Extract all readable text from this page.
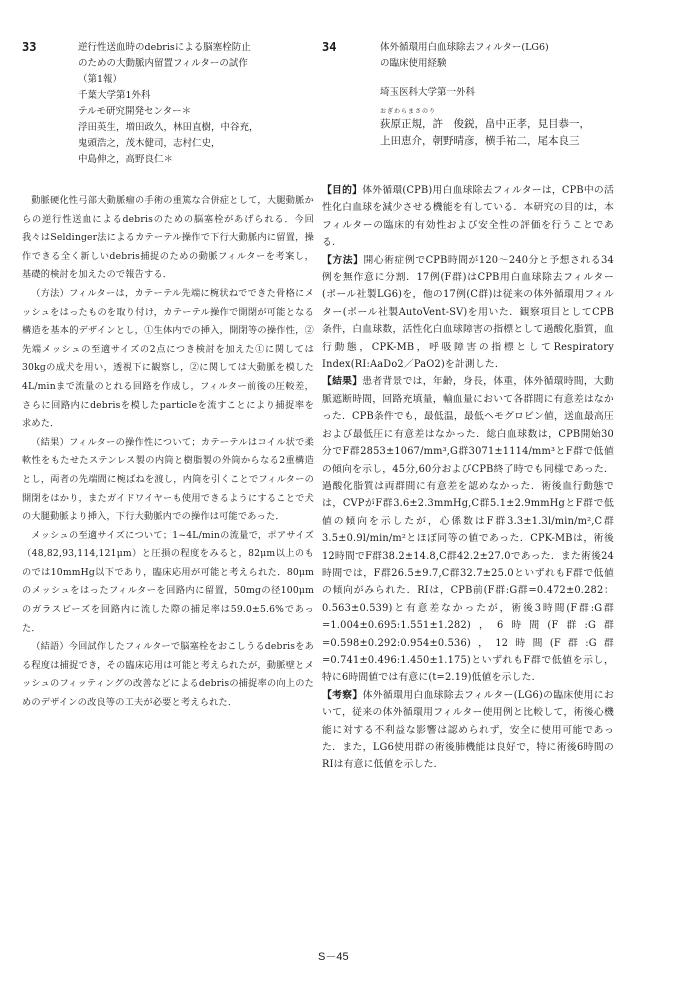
33	逆行性送血時のdebrisによる脳塞栓防止
のための大動脈内留置フィルターの試作
（第1報）
千葉大学第1外科
テルモ研究開発センター＊
浮田英生，増田政久，林田直樹，中谷充，
鬼頭浩之，茂木健司，志村仁史，
中島伸之，高野良仁＊

動脈硬化性弓部大動脈瘤の手術の重篤な合併症として，大腿動脈からの逆行性送血によるdebrisのための脳塞栓があげられる．今回我々はSeldinger法によるカテーテル操作で下行大動脈内に留置，操作できる全く新しいdebris捕捉のための動脈フィルターを考案し，基礎的検討を加えたので報告する．

（方法）フィルターは，カテーテル先端に椀状ねでできた骨格にメッシュをはったものを取り付け，カテーテル操作で開閉が可能となる構造を基本的デザインとし，①生体内での挿入，開閉等の操作性，②先端メッシュの至適サイズの2点につき検討を加えた①に関しては30kgの成犬を用い，透視下に観察し，②に関しては大動脈を模した4L/minまで流量のとれる回路を作成し，フィルター前後の圧較差，さらに回路内にdebrisを模したparticleを流すことにより捕捉率を求めた．

（結果）フィルターの操作性について；カテーテルはコイル状で柔軟性をもたせたステンレス製の内筒と樹脂製の外筒からなる2重構造とし，両者の先端間に椀ばねを渡し，内筒を引くことでフィルターの開閉をはかり，またガイドワイヤーも使用できるようにすることで犬の大腿動脈より挿入，下行大動脈内での操作は可能であった．

メッシュの至適サイズについて；1~4L/minの流量で，ポアサイズ（48,82,93,114,121μm）と圧損の程度をみると，82μm以上のものでは10mmHg以下であり，臨床応用が可能と考えられた．80μmのメッシュをはったフィルターを回路内に留置，50mgの径100μmのガラスビーズを回路内に流した際の捕足率は59.0±5.6%であった．

（結語）今回試作したフィルターで脳塞栓をおこしうるdebrisをある程度は捕捉でき，その臨床応用は可能と考えられたが，動脈壁とメッシュのフィッティングの改善などによるdebrisの捕捉率の向上のためのデザインの改良等の工夫が必要と考えられた．

34	体外循環用白血球除去フィルター(LG6)
の臨床使用経験
埼玉医科大学第一外科
おぎわらまさのり
荻原正規，許　俊鋭，畠中正孝，見目恭一，
上田恵介，朝野晴彦，横手祐二，尾本良三

【目的】体外循環(CPB)用白血球除去フィルターは，CPB中の活性化白血球を減少させる機能を有している．本研究の目的は，本フィルターの臨床的有効性および安全性の評価を行うことである．

【方法】開心術症例でCPB時間が120～240分と予想される34例を無作意に分割．17例(F群)はCPB用白血球除去フィルター(ポール社製LG6)を，他の17例(C群)は従来の体外循環用フィルター(ポール社製AutoVent-SV)を用いた．観察項目としてCPB条件，白血球数，活性化白血球障害の指標として過酸化脂質，血行動態，CPK-MB，呼吸障害の指標としてRespiratory Index(RI:AaDo2／PaO2)を計測した．

【結果】患者背景では，年齢，身長，体重，体外循環時間，大動脈遮断時間，回路充填量，輸血量において各群間に有意差はなかった．CPB条件でも，最低温，最低ヘモグロビン値，送血最高圧および最低圧に有意差はなかった．総白血球数は，CPB開始30分でF群2853±1067/mm³,G群3071±1114/mm³とF群で低値の傾向を示し，45分,60分およびCPB終了時でも同様であった．過酸化脂質は両群間に有意差を認めなかった．術後血行動態では，CVPがF群3.6±2.3mmHg,C群5.1±2.9mmHgとF群で低値の傾向を示したが，心係数はF群3.3±1.3l/min/m²,C群3.5±0.9l/min/m²とほぼ同等の値であった．CPK-MBは，術後12時間でF群38.2±14.8,C群42.2±27.0であった．また術後24時間では，F群26.5±9.7,C群32.7±25.0といずれもF群で低値の傾向がみられた．RIは，CPB前(F群:G群=0.472±0.282：0.563±0.539)と有意差なかったが，術後3時間(F群:G群=1.004±0.695:1.551±1.282)，6時間(F群:G群=0.598±0.292:0.954±0.536)，12時間(F群:G群=0.741±0.496:1.450±1.175)といずれもF群で低値を示し，特に6時間値では有意に(t=2.19)低値を示した．

【考察】体外循環用白血球除去フィルター(LG6)の臨床使用において，従来の体外循環用フィルター使用例と比較して，術後心機能に対する不利益な影響は認められず，安全に使用可能であった．また，LG6使用群の術後肺機能は良好で，特に術後6時間のRIは有意に低値を示した．

S－45
